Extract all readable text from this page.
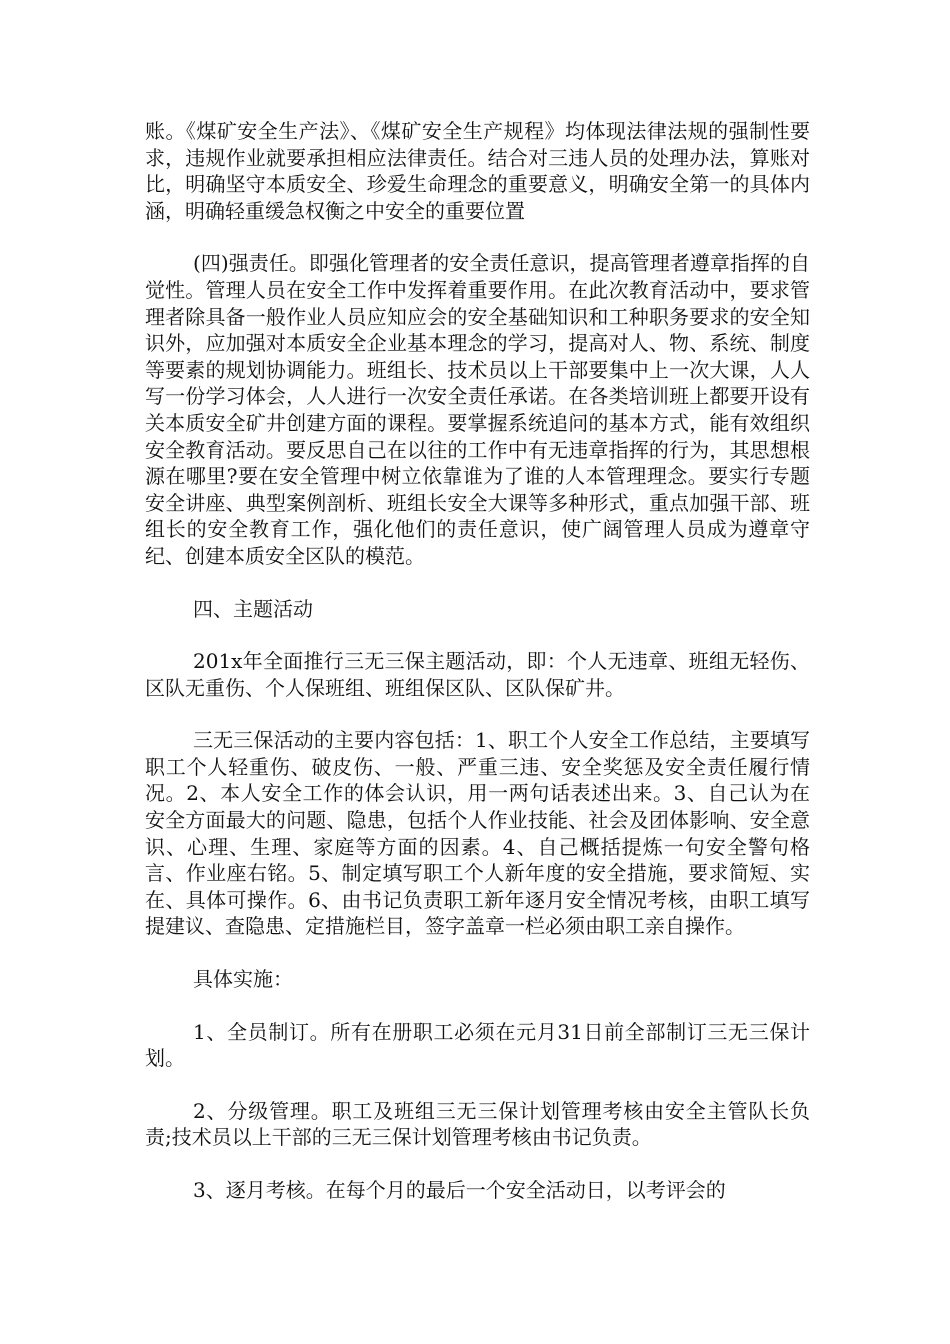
账。《煤矿安全生产法》、《煤矿安全生产规程》均体现法律法规的强制性要求，违规作业就要承担相应法律责任。结合对三违人员的处理办法，算账对比，明确坚守本质安全、珍爱生命理念的重要意义，明确安全第一的具体内涵，明确轻重缓急权衡之中安全的重要位置

(四)强责任。即强化管理者的安全责任意识，提高管理者遵章指挥的自觉性。管理人员在安全工作中发挥着重要作用。在此次教育活动中，要求管理者除具备一般作业人员应知应会的安全基础知识和工种职务要求的安全知识外，应加强对本质安全企业基本理念的学习，提高对人、物、系统、制度等要素的规划协调能力。班组长、技术员以上干部要集中上一次大课，人人写一份学习体会，人人进行一次安全责任承诺。在各类培训班上都要开设有关本质安全矿井创建方面的课程。要掌握系统追问的基本方式，能有效组织安全教育活动。要反思自己在以往的工作中有无违章指挥的行为，其思想根源在哪里?要在安全管理中树立依靠谁为了谁的人本管理理念。要实行专题安全讲座、典型案例剖析、班组长安全大课等多种形式，重点加强干部、班组长的安全教育工作，强化他们的责任意识，使广阔管理人员成为遵章守纪、创建本质安全区队的模范。

四、主题活动

201x年全面推行三无三保主题活动，即：个人无违章、班组无轻伤、区队无重伤、个人保班组、班组保区队、区队保矿井。

三无三保活动的主要内容包括：1、职工个人安全工作总结，主要填写职工个人轻重伤、破皮伤、一般、严重三违、安全奖惩及安全责任履行情况。2、本人安全工作的体会认识，用一两句话表述出来。3、自己认为在安全方面最大的问题、隐患，包括个人作业技能、社会及团体影响、安全意识、心理、生理、家庭等方面的因素。4、自己概括提炼一句安全警句格言、作业座右铭。5、制定填写职工个人新年度的安全措施，要求简短、实在、具体可操作。6、由书记负责职工新年逐月安全情况考核，由职工填写提建议、查隐患、定措施栏目，签字盖章一栏必须由职工亲自操作。

具体实施：

1、全员制订。所有在册职工必须在元月31日前全部制订三无三保计划。

2、分级管理。职工及班组三无三保计划管理考核由安全主管队长负责;技术员以上干部的三无三保计划管理考核由书记负责。

3、逐月考核。在每个月的最后一个安全活动日，以考评会的
